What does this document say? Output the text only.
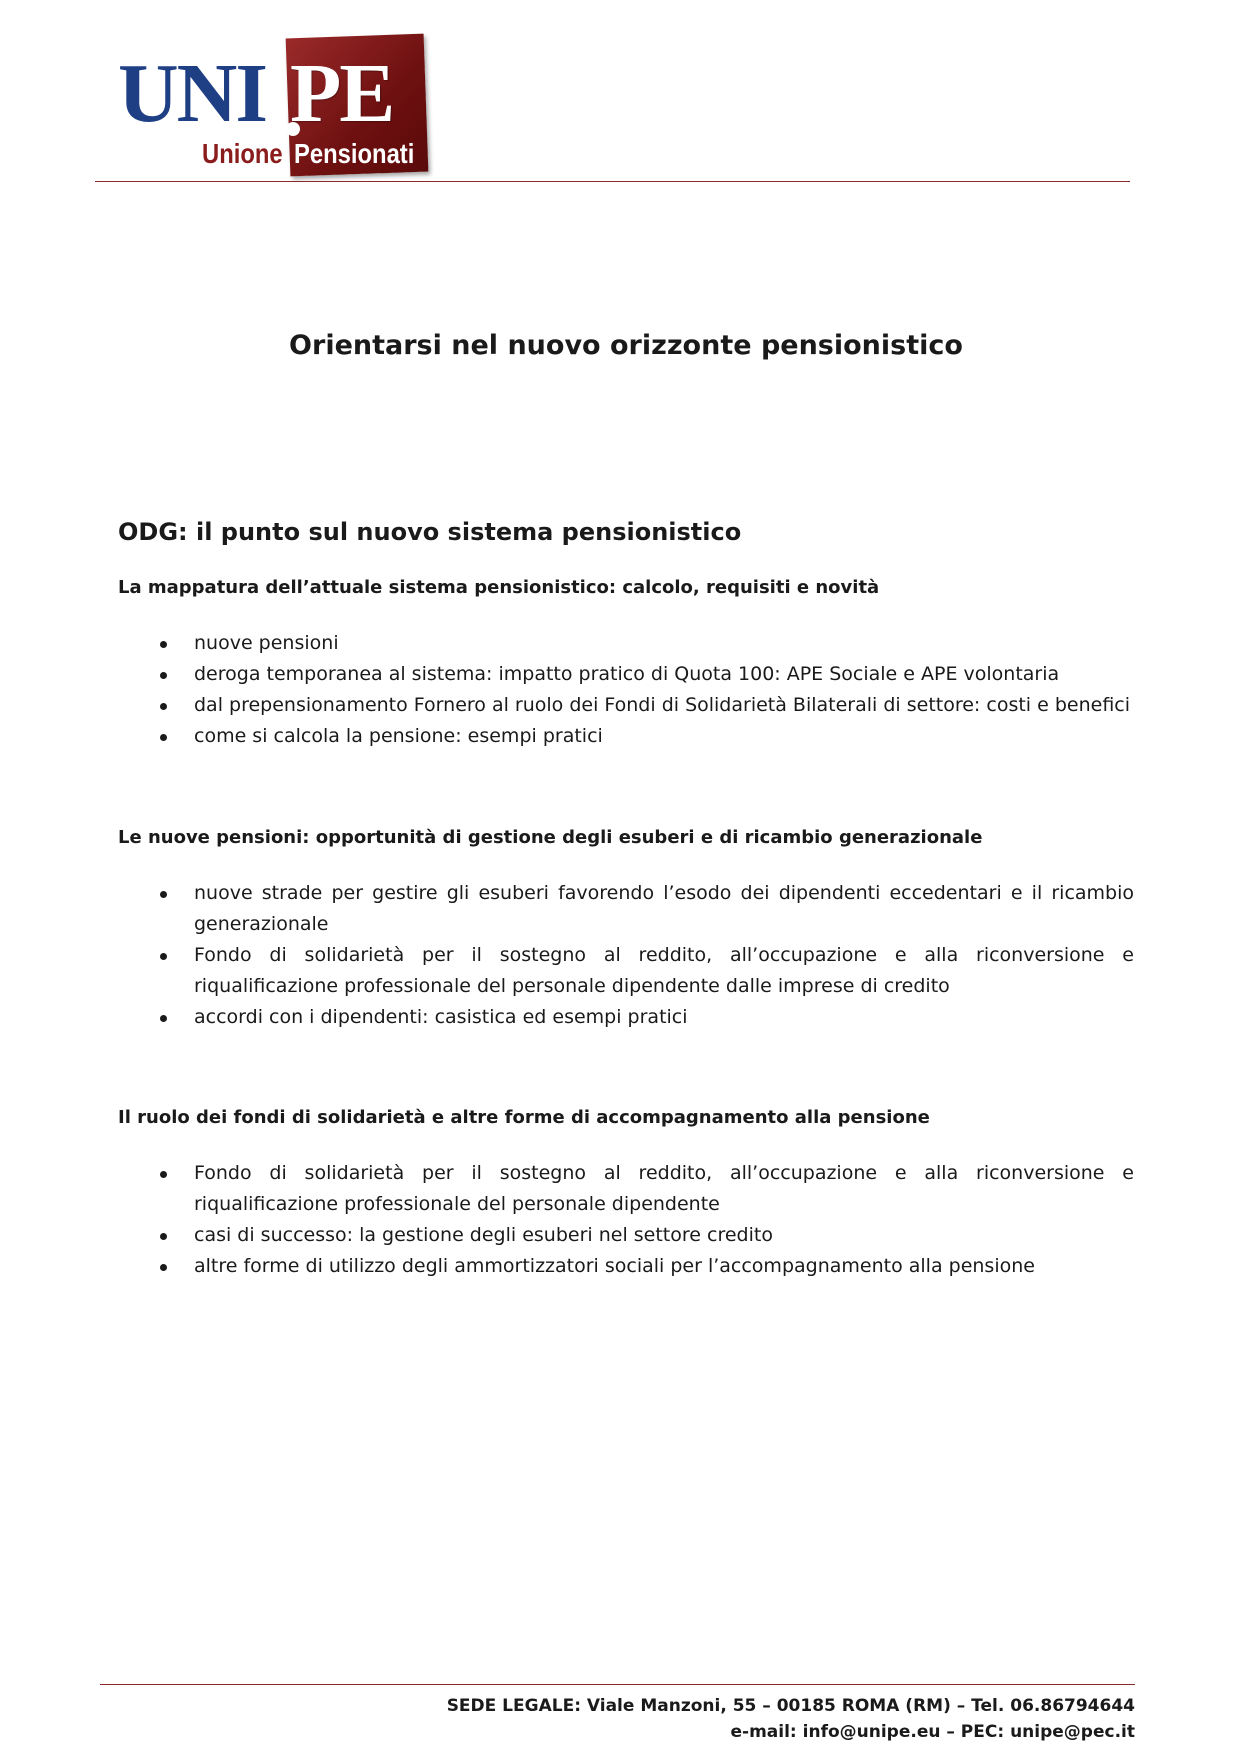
UNI PE
Unione Pensionati
Orientarsi nel nuovo orizzonte pensionistico
ODG: il punto sul nuovo sistema pensionistico
La mappatura dell’attuale sistema pensionistico: calcolo, requisiti e novità
nuove pensioni
deroga temporanea al sistema: impatto pratico di Quota 100: APE Sociale e APE volontaria
dal prepensionamento Fornero al ruolo dei Fondi di Solidarietà Bilaterali di settore: costi e benefici
come si calcola la pensione: esempi pratici
Le nuove pensioni: opportunità di gestione degli esuberi e di ricambio generazionale
nuove strade per gestire gli esuberi favorendo l’esodo dei dipendenti eccedentari e il ricambio generazionale
Fondo di solidarietà per il sostegno al reddito, all’occupazione e alla riconversione e riqualificazione professionale del personale dipendente dalle imprese di credito
accordi con i dipendenti: casistica ed esempi pratici
Il ruolo dei fondi di solidarietà e altre forme di accompagnamento alla pensione
Fondo di solidarietà per il sostegno al reddito, all’occupazione e alla riconversione e riqualificazione professionale del personale dipendente
casi di successo: la gestione degli esuberi nel settore credito
altre forme di utilizzo degli ammortizzatori sociali per l’accompagnamento alla pensione
SEDE LEGALE: Viale Manzoni, 55 – 00185 ROMA (RM) – Tel. 06.86794644
e-mail: info@unipe.eu – PEC: unipe@pec.it
